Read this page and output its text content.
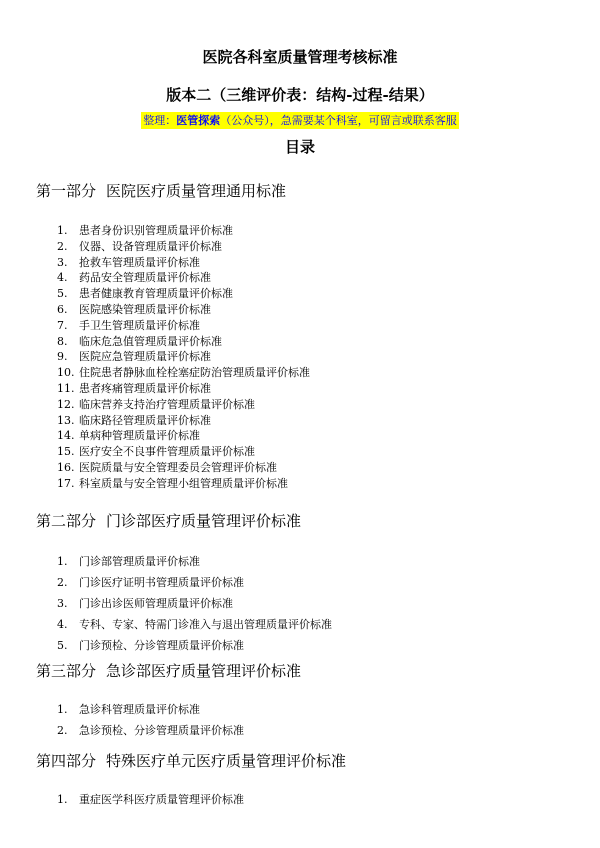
医院各科室质量管理考核标准
版本二（三维评价表：结构-过程-结果）
整理：医管探索（公众号），急需要某个科室，可留言或联系客服
目录
第一部分 医院医疗质量管理通用标准
1.	患者身份识别管理质量评价标准
2.	仪器、设备管理质量评价标准
3.	抢救车管理质量评价标准
4.	药品安全管理质量评价标准
5.	患者健康教育管理质量评价标准
6.	医院感染管理质量评价标准
7.	手卫生管理质量评价标准
8.	临床危急值管理质量评价标准
9.	医院应急管理质量评价标准
10. 住院患者静脉血栓栓塞症防治管理质量评价标准
11. 患者疼痛管理质量评价标准
12. 临床营养支持治疗管理质量评价标准
13. 临床路径管理质量评价标准
14. 单病种管理质量评价标准
15. 医疗安全不良事件管理质量评价标准
16. 医院质量与安全管理委员会管理评价标准
17. 科室质量与安全管理小组管理质量评价标准
第二部分 门诊部医疗质量管理评价标准
1.	门诊部管理质量评价标准
2.	门诊医疗证明书管理质量评价标准
3.	门诊出诊医师管理质量评价标准
4.	专科、专家、特需门诊准入与退出管理质量评价标准
5.	门诊预检、分诊管理质量评价标准
第三部分 急诊部医疗质量管理评价标准
1.	急诊科管理质量评价标准
2.	急诊预检、分诊管理质量评价标准
第四部分 特殊医疗单元医疗质量管理评价标准
1.	重症医学科医疗质量管理评价标准
